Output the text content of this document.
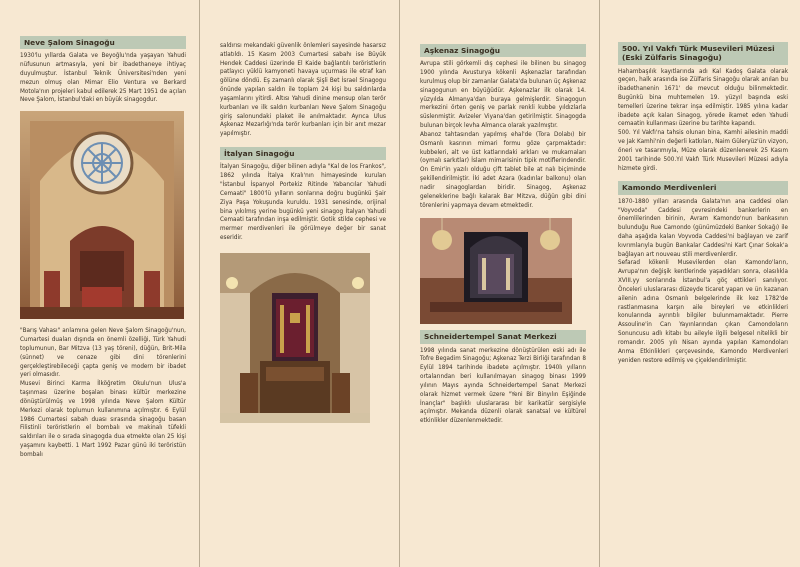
Neve Şalom Sinagoğu

1930'lu yıllarda Galata ve Beyoğlu'nda yaşayan Yahudi nüfusunun artmasıyla, yeni bir ibadethaneye ihtiyaç duyulmuştur. İstanbul Teknik Üniversitesi'nden yeni mezun olmuş olan Mimar Elio Ventura ve Berkard Motola'nın projeleri kabul edilerek 25 Mart 1951 de açılan Neve Şalom, İstanbul'daki en büyük sinagogdur.

"Barış Vahası" anlamına gelen Neve Şalom Sinagoğu'nun, Cumartesi duaları dışında en önemli özelliği, Türk Yahudi toplumunun, Bar Mitzva (13 yaş töreni), düğün, Brit-Mila (sünnet) ve cenaze gibi dini törenlerini gerçekleştirebileceği çapta geniş ve modern bir ibadet yeri olmasıdır.

Musevi Birinci Karma İlköğretim Okulu'nun Ulus'a taşınması üzerine boşalan binası kültür merkezine dönüştürülmüş ve 1998 yılında Neve Şalom Kültür Merkezi olarak toplumun kullanımına açılmıştır. 6 Eylül 1986 Cumartesi sabah duası sırasında sinagoğu basan Filistinli teröristlerin el bombalı ve makinalı tüfekli saldırıları ile o sırada sinagogda dua etmekte olan 25 kişi yaşamını kaybetti. 1 Mart 1992 Pazar günü iki teröristün bombalı

saldırısı mekandaki güvenlik önlemleri sayesinde hasarsız atlatıldı. 15 Kasım 2003 Cumartesi sabahı ise Büyük Hendek Caddesi üzerinde El Kaide bağlantılı teröristlerin patlayıcı yüklü kamyoneti havaya uçurması ile etraf kan gölüne döndü. Eş zamanlı olarak Şişli Bet İsrael Sinagogu önünde yapılan saldırı ile toplam 24 kişi bu saldırılarda yaşamlarını yitirdi. Altısı Yahudi dinine mensup olan terör kurbanları ve ilk saldırı kurbanları Neve Şalom Sinagoğu giriş salonundaki plaket ile anılmaktadır. Ayrıca Ulus Aşkenaz Mezarlığı'nda terör kurbanları için bir anıt mezar yapılmıştır.

İtalyan Sinagoğu

İtalyan Sinagoğu, diğer bilinen adıyla "Kal de los Frankos", 1862 yılında İtalya Kralı'nın himayesinde kurulan "İstanbul İspanyol Portekiz Ritinde Yabancılar Yahudi Cemaati" 1800'lü yılların sonlarına doğru bugünkü Şair Ziya Paşa Yokuşunda kuruldu. 1931 senesinde, orijinal bina yıkılmış yerine bugünkü yeni sinagog İtalyan Yahudi Cemaati tarafından inşa edilmiştir. Gotik stilde cephesi ve mermer merdivenleri ile görülmeye değer bir sanat eseridir.

Aşkenaz Sinagoğu

Avrupa stili görkemli dış cephesi ile bilinen bu sinagog 1900 yılında Avusturya kökenli Aşkenazlar tarafından kurulmuş olup bir zamanlar Galata'da bulunan üç Aşkenaz sinagogunun en büyüğüdür. Aşkenazlar ilk olarak 14. yüzyılda Almanya'dan buraya gelmişlerdir. Sinagogun merkezini örten geniş ve parlak renkli kubbe yıldızlarla süslenmiştir. Avizeler Viyana'dan getirilmiştir. Sinagogda bulunan birçok levha Almanca olarak yazılmıştır.

Abanoz tahtasından yapılmış ehal'de (Tora Dolabı) bir Osmanlı kasrının mimari formu göze çarpmaktadır: kubbeleri, alt ve üst katlarındaki arkları ve mukarnaları (oymalı sarkıtlar) İslam mimarisinin tipik motiflerindendir. On Emir'in yazılı olduğu çift tablet bile at nalı biçiminde şekillendirilmiştir. İki adet Azara (kadınlar balkonu) olan nadir sinagoglardan biridir. Sinagog, Aşkenaz geleneklerine bağlı kalarak Bar Mitzva, düğün gibi dini törenlerini yapmaya devam etmektedir.

Schneidertempel Sanat Merkezi

1998 yılında sanat merkezine dönüştürülen eski adı ile Tofre Begadim Sinagoğu; Aşkenaz Terzi Birliği tarafından 8 Eylül 1894 tarihinde ibadete açılmıştır. 1940lı yılların ortalarından beri kullanılmayan sinagog binası 1999 yılının Mayıs ayında Schneidertempel Sanat Merkezi olarak hizmet vermek üzere "Yeni Bir Binyılın Eşiğinde İnançlar" başlıklı uluslararası bir karikatür sergisiyle açılmıştır. Mekanda düzenli olarak sanatsal ve kültürel etkinlikler düzenlenmektedir.

500. Yıl Vakfı Türk Musevileri Müzesi (Eski Zülfaris Sinagoğu)

Hahambaşılık kayıtlarında adı Kal Kadoş Galata olarak geçen, halk arasında ise Zülfaris Sinagoğu olarak anılan bu ibadethanenin 1671' de mevcut olduğu bilinmektedir. Bugünkü bina muhtemelen 19. yüzyıl başında eski temelleri üzerine tekrar inşa edilmiştir. 1985 yılına kadar ibadete açık kalan Sinagog, yörede ikamet eden Yahudi cemaatin kullanması üzerine bu tarihte kapandı.

500. Yıl Vakfı'na tahsis olunan bina, Kamhi ailesinin maddi ve Jak Kamhi'nin değerli katkıları, Naim Güleryüz'ün vizyon, öneri ve tasarımıyla, Müze olarak düzenlenerek 25 Kasım 2001 tarihinde 500.Yıl Vakfı Türk Musevileri Müzesi adıyla hizmete girdi.

Kamondo Merdivenleri

1870-1880 yılları arasında Galata'nın ana caddesi olan "Voyvoda" Caddesi çevresindeki bankerlerin en önemlilerinden birinin, Avram Kamondo'nun bankasının bulunduğu Rue Camondo (günümüzdeki Banker Sokağı) ile daha aşağıda kalan Voyvoda Caddesi'ni bağlayan ve zarif kıvrımlarıyla bugün Bankalar Caddesi'ni Kart Çınar Sokak'a bağlayan art nouveau stili merdivenlerdir.

Sefarad kökenli Musevilerden olan Kamondo'ların, Avrupa'nın değişik kentlerinde yaşadıkları sonra, olasılıkla XVIII.yy sonlarında İstanbul'a göç ettikleri sanılıyor. Önceleri uluslararası düzeyde ticaret yapan ve ün kazanan ailenin adına Osmanlı belgelerinde ilk kez 1782'de rastlanmasına karşın aile bireyleri ve etkinlikleri konularında ayrıntılı bilgiler bulunmamaktadır. Pierre Assouline'in Can Yayınlarından çıkan Camondoların Sonuncusu adlı kitabı bu aileyle ilgili belgesel nitelikli bir romandır. 2005 yılı Nisan ayında yapılan Kamondoları Anma Etkinlikleri çerçevesinde, Kamondo Merdivenleri yeniden restore edilmiş ve çiçeklendirilmiştir.
